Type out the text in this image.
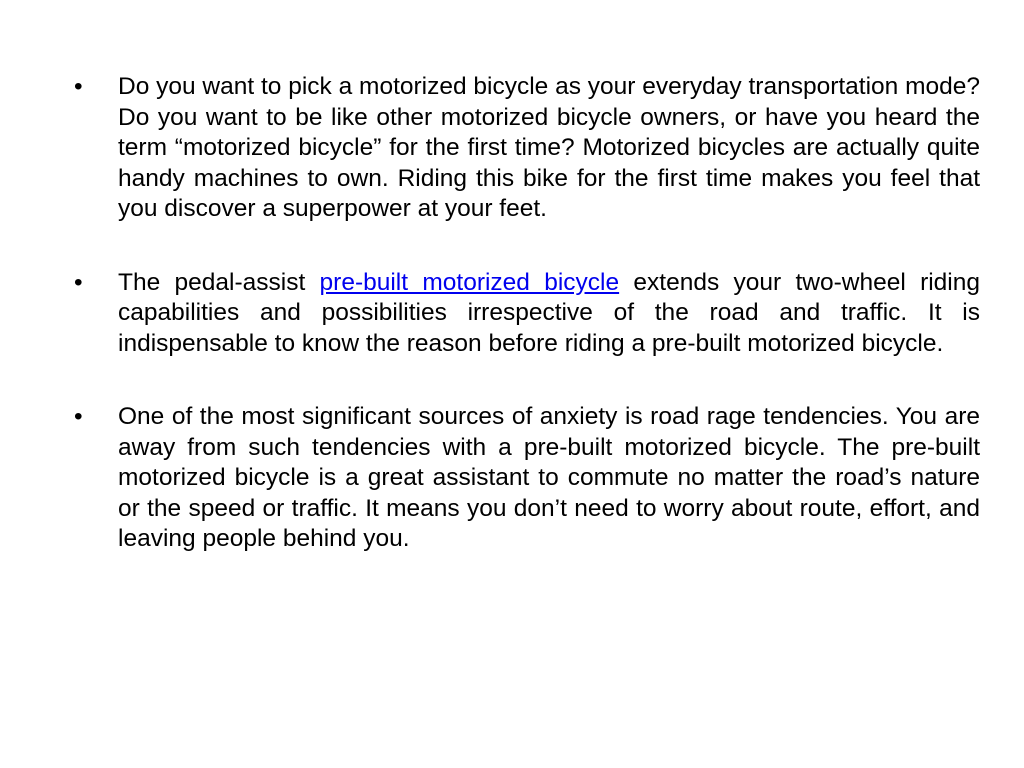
•	Do you want to pick a motorized bicycle as your everyday transportation mode? Do you want to be like other motorized bicycle owners, or have you heard the term “motorized bicycle” for the first time? Motorized bicycles are actually quite handy machines to own. Riding this bike for the first time makes you feel that you discover a superpower at your feet.
•	The pedal-assist pre-built motorized bicycle extends your two-wheel riding capabilities and possibilities irrespective of the road and traffic. It is indispensable to know the reason before riding a pre-built motorized bicycle.
•	One of the most significant sources of anxiety is road rage tendencies. You are away from such tendencies with a pre-built motorized bicycle. The pre-built motorized bicycle is a great assistant to commute no matter the road’s nature or the speed or traffic. It means you don’t need to worry about route, effort, and leaving people behind you.
